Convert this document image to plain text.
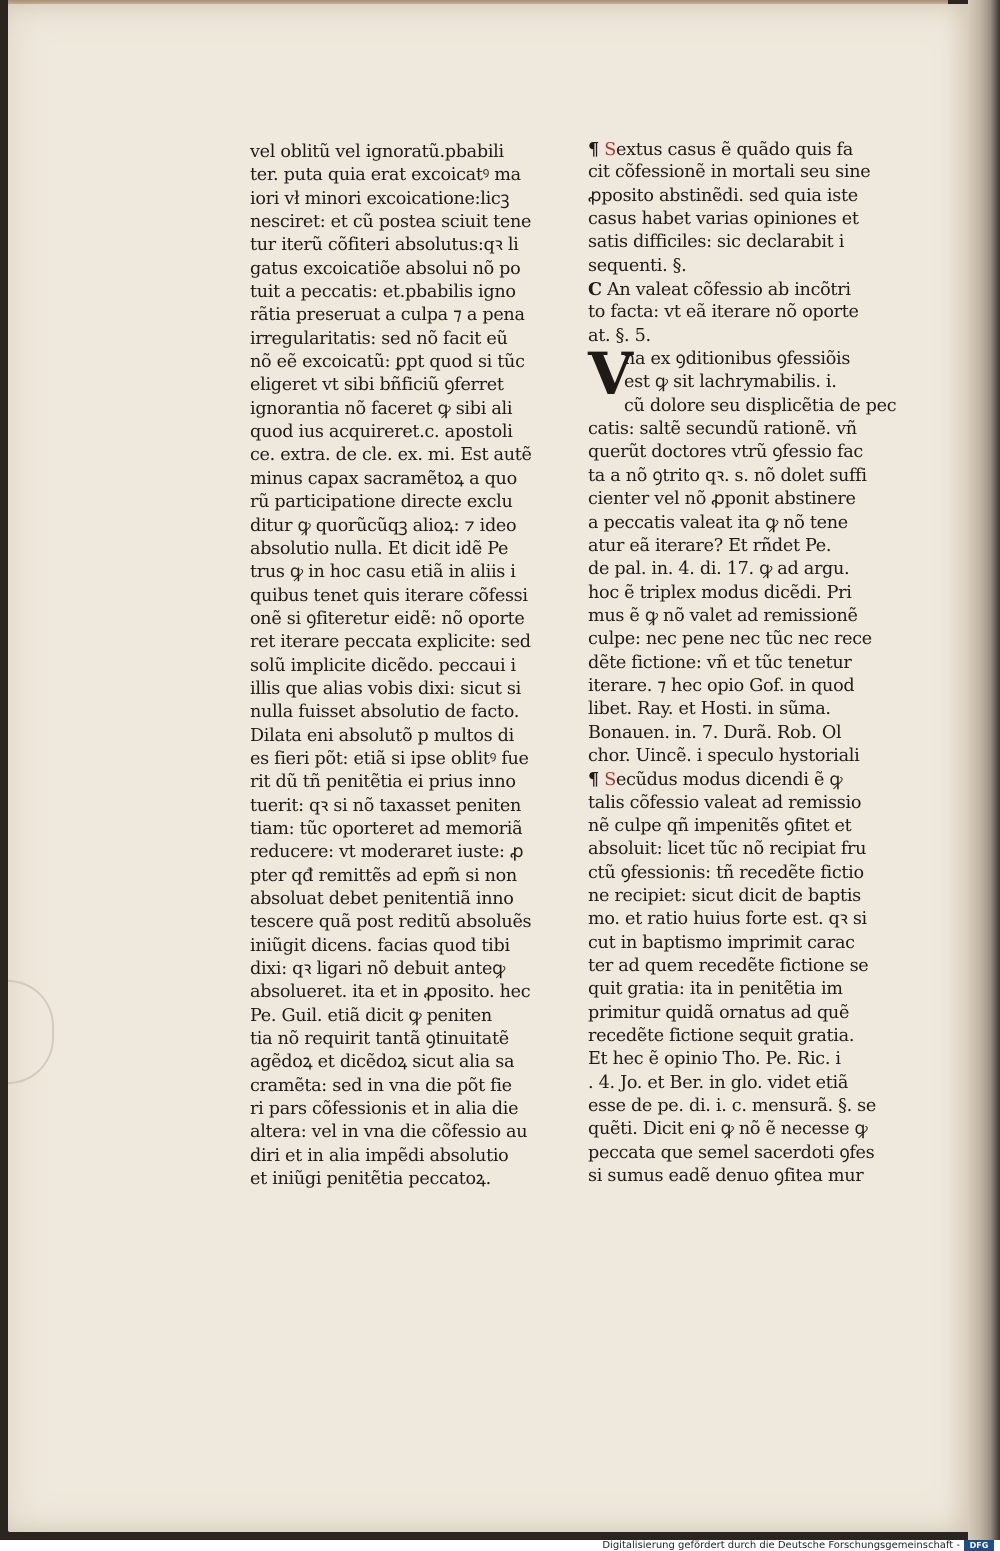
vel oblitũ vel ignoratũ.pbabili
ter. puta quia erat excoicatꝰ ma
iori vł minori excoicatione:licꝫ
nesciret: et cũ postea sciuit tene
tur iterũ cõfiteri absolutus:qꝛ li
gatus excoicatiõe absolui nõ po
tuit a peccatis: et.pbabilis igno
rãtia preseruat a culpa ⁊ a pena
irregularitatis: sed nõ facit eũ
nõ eẽ excoicatũ: ꝑpt quod si tũc
eligeret vt sibi bñficiũ ꝯferret
ignorantia nõ faceret ꝙ sibi ali
quod ius acquireret.c. apostoli
ce. extra. de cle. ex. mi. Est autẽ
minus capax sacramẽtoꝝ a quo
rũ participatione directe exclu
ditur ꝙ quorũcũqꝫ alioꝝ: ⁊ ideo
absolutio nulla. Et dicit idẽ Pe
trus ꝙ in hoc casu etiã in aliis i
quibus tenet quis iterare cõfessi
onẽ si ꝯfiteretur eidẽ: nõ oporte
ret iterare peccata explicite: sed
solũ implicite dicẽdo. peccaui i
illis que alias vobis dixi: sicut si
nulla fuisset absolutio de facto.
Dilata eni absolutõ p multos di
es fieri põt: etiã si ipse oblitꝰ fue
rit dũ tñ penitẽtia ei prius inno
tuerit: qꝛ si nõ taxasset peniten
tiam: tũc oporteret ad memoriã
reducere: vt moderaret iuste: ꝓ
pter qđ remittẽs ad epm̃ si non
absoluat debet penitentiã inno
tescere quã post reditũ absoluẽs
iniũgit dicens. facias quod tibi
dixi: qꝛ ligari nõ debuit anteꝙ
absolueret. ita et in ꝓposito. hec
Pe. Guil. etiã dicit ꝙ peniten
tia nõ requirit tantã ꝯtinuitatẽ
agẽdoꝝ et dicẽdoꝝ sicut alia sa
cramẽta: sed in vna die põt fie
ri pars cõfessionis et in alia die
altera: vel in vna die cõfessio au
diri et in alia impẽdi absolutio
et iniũgi penitẽtia peccatoꝝ.
¶ Sextus casus ẽ quãdo quis fa
cit cõfessionẽ in mortali seu sine
ꝓposito abstinẽdi. sed quia iste
casus habet varias opiniones et
satis difficiles: sic declarabit i
sequenti. §.
C An valeat cõfessio ab incõtri
to facta: vt eã iterare nõ oporte
at. §. 5.
V
na ex ꝯditionibus ꝯfessiõis
est ꝙ sit lachrymabilis. i.
cũ dolore seu displicẽtia de pec
catis: saltẽ secundũ rationẽ. vñ
querũt doctores vtrũ ꝯfessio fac
ta a nõ ꝯtrito qꝛ. s. nõ dolet suffi
cienter vel nõ ꝓponit abstinere
a peccatis valeat ita ꝙ nõ tene
atur eã iterare? Et rñdet Pe.
de pal. in. 4. di. 17. ꝙ ad argu.
hoc ẽ triplex modus dicẽdi. Pri
mus ẽ ꝙ nõ valet ad remissionẽ
culpe: nec pene nec tũc nec rece
dẽte fictione: vñ et tũc tenetur
iterare. ⁊ hec opio Gof. in quod
libet. Ray. et Hosti. in sũma.
Bonauen. in. 7. Durã. Rob. Ol
chor. Uincẽ. i speculo hystoriali
¶ Secũdus modus dicendi ẽ ꝙ
talis cõfessio valeat ad remissio
nẽ culpe qñ impenitẽs ꝯfitet et
absoluit: licet tũc nõ recipiat fru
ctũ ꝯfessionis: tñ recedẽte fictio
ne recipiet: sicut dicit de baptis
mo. et ratio huius forte est. qꝛ si
cut in baptismo imprimit carac
ter ad quem recedẽte fictione se
quit gratia: ita in penitẽtia im
primitur quidã ornatus ad quẽ
recedẽte fictione sequit gratia.
Et hec ẽ opinio Tho. Pe. Ric. i
. 4. Jo. et Ber. in glo. videt etiã
esse de pe. di. i. c. mensurã. §. se
quẽti. Dicit eni ꝙ nõ ẽ necesse ꝙ
peccata que semel sacerdoti ꝯfes
si sumus eadẽ denuo ꝯfitea mur
Digitalisierung gefördert durch die Deutsche Forschungsgemeinschaft -	DFG
